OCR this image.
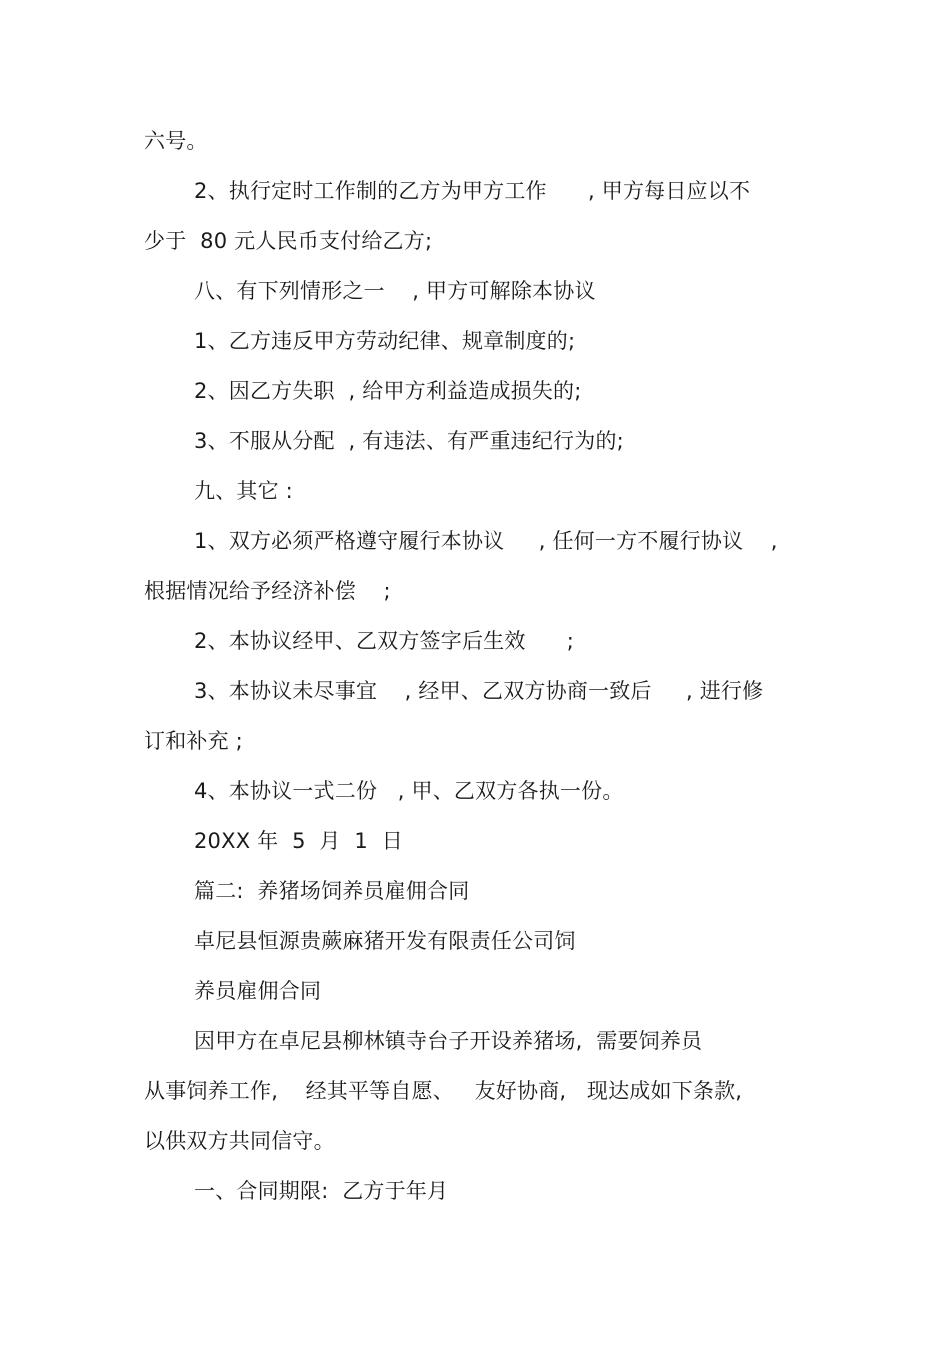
六号。
2、执行定时工作制的乙方为甲方工作      , 甲方每日应以不
少于  80 元人民币支付给乙方;
八、有下列情形之一    , 甲方可解除本协议
1、乙方违反甲方劳动纪律、规章制度的;
2、因乙方失职  , 给甲方利益造成损失的;
3、不服从分配  , 有违法、有严重违纪行为的;
九、其它 :
1、双方必须严格遵守履行本协议     , 任何一方不履行协议    ,
根据情况给予经济补偿    ;
2、本协议经甲、乙双方签字后生效      ;
3、本协议未尽事宜    , 经甲、乙双方协商一致后     , 进行修
订和补充 ;
4、本协议一式二份   , 甲、乙双方各执一份。
20XX 年  5  月  1  日
篇二:  养猪场饲养员雇佣合同
卓尼县恒源贵蕨麻猪开发有限责任公司饲
养员雇佣合同
因甲方在卓尼县柳林镇寺台子开设养猪场,  需要饲养员
从事饲养工作,    经其平等自愿、   友好协商,   现达成如下条款,
以供双方共同信守。
一、合同期限:  乙方于年月
